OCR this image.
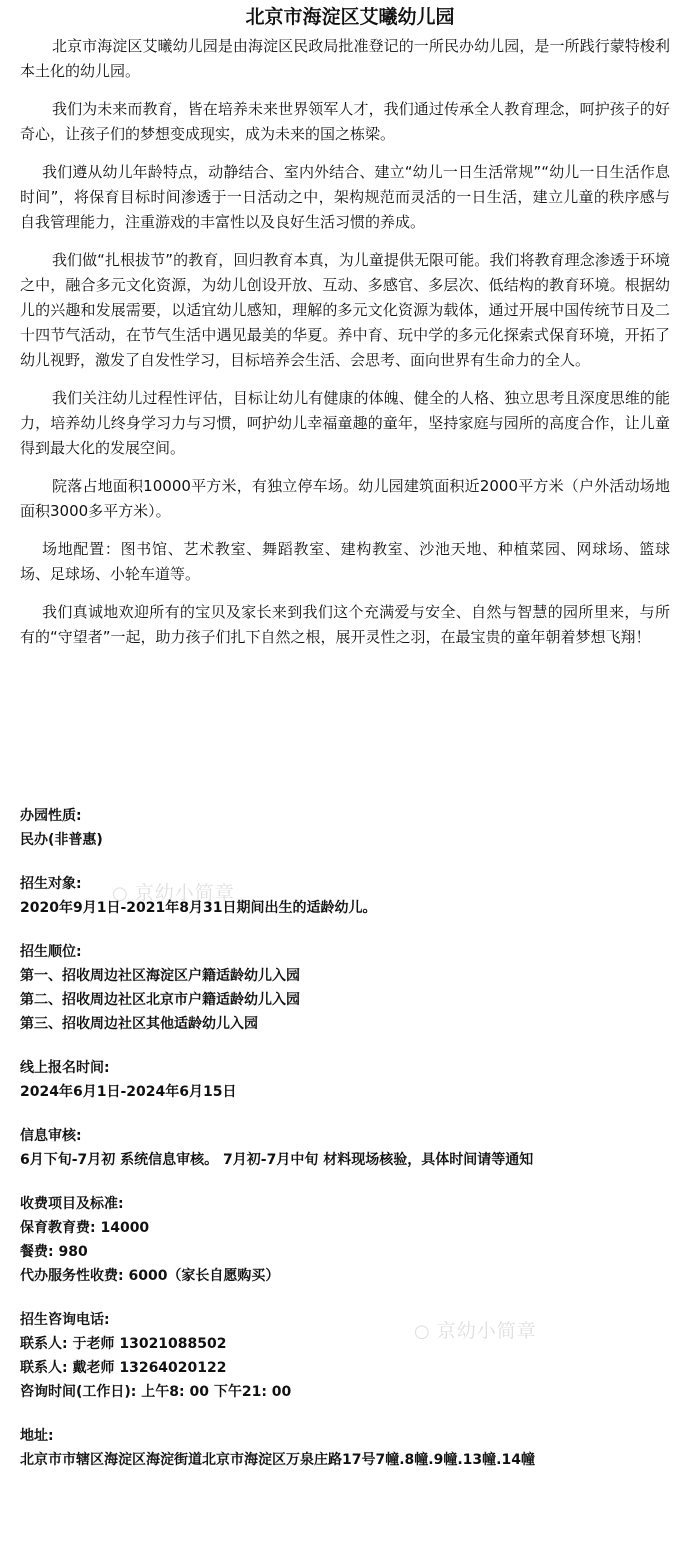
北京市海淀区艾曦幼儿园

北京市海淀区艾曦幼儿园是由海淀区民政局批准登记的一所民办幼儿园，是一所践行蒙特梭利本土化的幼儿园。

我们为未来而教育，皆在培养未来世界领军人才，我们通过传承全人教育理念，呵护孩子的好奇心，让孩子们的梦想变成现实，成为未来的国之栋梁。

我们遵从幼儿年龄特点，动静结合、室内外结合、建立“幼儿一日生活常规”“幼儿一日生活作息时间”，将保育目标时间渗透于一日活动之中，架构规范而灵活的一日生活，建立儿童的秩序感与自我管理能力，注重游戏的丰富性以及良好生活习惯的养成。

我们做“扎根拔节”的教育，回归教育本真，为儿童提供无限可能。我们将教育理念渗透于环境之中，融合多元文化资源，为幼儿创设开放、互动、多感官、多层次、低结构的教育环境。根据幼儿的兴趣和发展需要，以适宜幼儿感知，理解的多元文化资源为载体，通过开展中国传统节日及二十四节气活动，在节气生活中遇见最美的华夏。养中育、玩中学的多元化探索式保育环境，开拓了幼儿视野，激发了自发性学习，目标培养会生活、会思考、面向世界有生命力的全人。

我们关注幼儿过程性评估，目标让幼儿有健康的体魄、健全的人格、独立思考且深度思维的能力，培养幼儿终身学习力与习惯，呵护幼儿幸福童趣的童年，坚持家庭与园所的高度合作，让儿童得到最大化的发展空间。

院落占地面积10000平方米，有独立停车场。幼儿园建筑面积近2000平方米（户外活动场地面积3000多平方米）。

场地配置：图书馆、艺术教室、舞蹈教室、建构教室、沙池天地、种植菜园、网球场、篮球场、足球场、小轮车道等。

我们真诚地欢迎所有的宝贝及家长来到我们这个充满爱与安全、自然与智慧的园所里来，与所有的“守望者”一起，助力孩子们扎下自然之根，展开灵性之羽，在最宝贵的童年朝着梦想飞翔！

○ 京幼小简章
○ 京幼小简章
办园性质:
民办(非普惠)
招生对象:
2020年9月1日-2021年8月31日期间出生的适龄幼儿。
招生顺位:
第一、招收周边社区海淀区户籍适龄幼儿入园
第二、招收周边社区北京市户籍适龄幼儿入园
第三、招收周边社区其他适龄幼儿入园
线上报名时间:
2024年6月1日-2024年6月15日
信息审核:
6月下旬-7月初 系统信息审核。 7月初-7月中旬 材料现场核验，具体时间请等通知
收费项目及标准:
保育教育费: 14000
餐费: 980
代办服务性收费: 6000（家长自愿购买）
招生咨询电话:
联系人: 于老师 13021088502
联系人: 戴老师 13264020122
咨询时间(工作日): 上午8: 00 下午21: 00
地址:
北京市市辖区海淀区海淀街道北京市海淀区万泉庄路17号7幢.8幢.9幢.13幢.14幢
